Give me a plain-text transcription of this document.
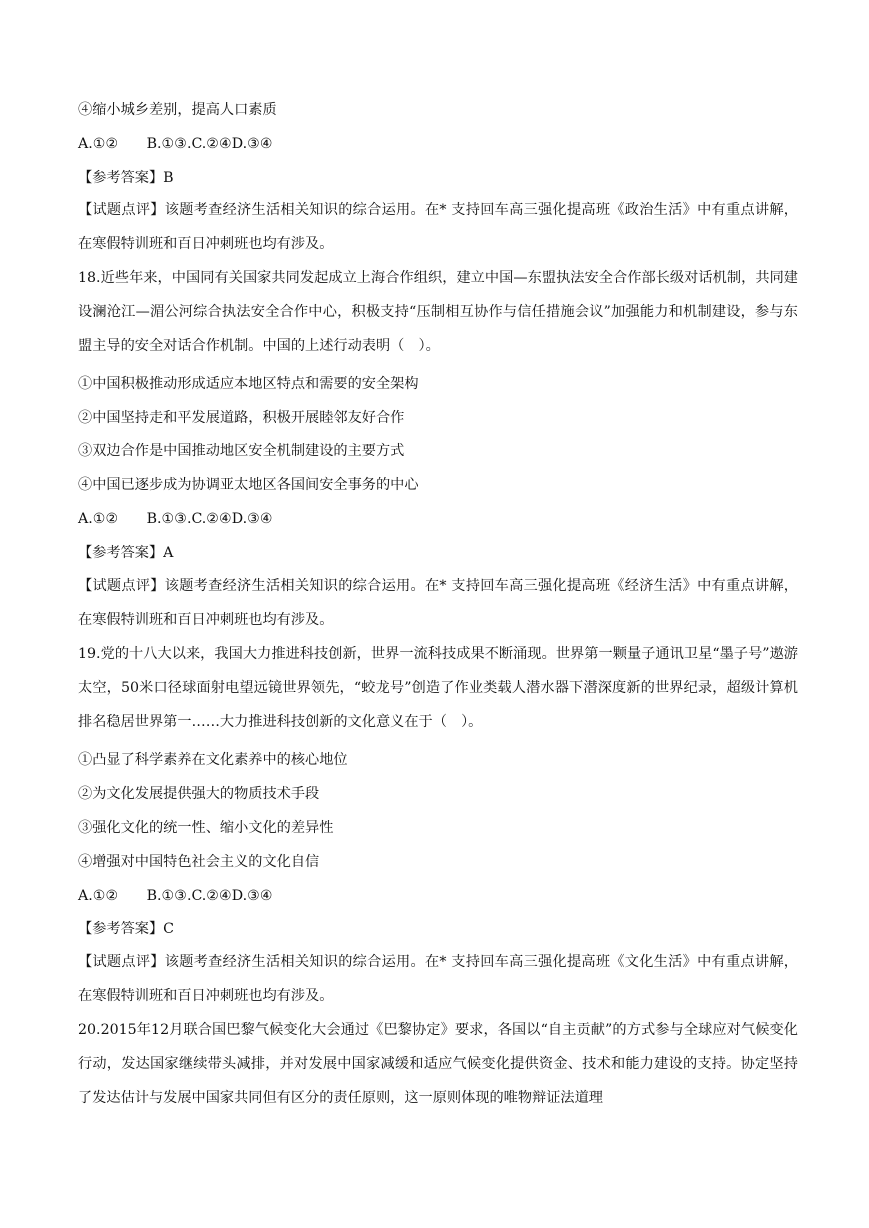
④缩小城乡差别，提高人口素质
A.①②　　B.①③.C.②④D.③④
【参考答案】B
【试题点评】该题考查经济生活相关知识的综合运用。在* 支持回车高三强化提高班《政治生活》中有重点讲解，在寒假特训班和百日冲刺班也均有涉及。
18.近些年来，中国同有关国家共同发起成立上海合作组织，建立中国—东盟执法安全合作部长级对话机制，共同建设澜沧江—湄公河综合执法安全合作中心，积极支持“压制相互协作与信任措施会议”加强能力和机制建设，参与东盟主导的安全对话合作机制。中国的上述行动表明（　）。
①中国积极推动形成适应本地区特点和需要的安全架构
②中国坚持走和平发展道路，积极开展睦邻友好合作
③双边合作是中国推动地区安全机制建设的主要方式
④中国已逐步成为协调亚太地区各国间安全事务的中心
A.①②　　B.①③.C.②④D.③④
【参考答案】A
【试题点评】该题考查经济生活相关知识的综合运用。在* 支持回车高三强化提高班《经济生活》中有重点讲解，在寒假特训班和百日冲刺班也均有涉及。
19.党的十八大以来，我国大力推进科技创新，世界一流科技成果不断涌现。世界第一颗量子通讯卫星“墨子号”遨游太空，50米口径球面射电望远镜世界领先，“蛟龙号”创造了作业类载人潜水器下潜深度新的世界纪录，超级计算机排名稳居世界第一……大力推进科技创新的文化意义在于（　）。
①凸显了科学素养在文化素养中的核心地位
②为文化发展提供强大的物质技术手段
③强化文化的统一性、缩小文化的差异性
④增强对中国特色社会主义的文化自信
A.①②　　B.①③.C.②④D.③④
【参考答案】C
【试题点评】该题考查经济生活相关知识的综合运用。在* 支持回车高三强化提高班《文化生活》中有重点讲解，在寒假特训班和百日冲刺班也均有涉及。
20.2015年12月联合国巴黎气候变化大会通过《巴黎协定》要求，各国以“自主贡献”的方式参与全球应对气候变化行动，发达国家继续带头减排，并对发展中国家减缓和适应气候变化提供资金、技术和能力建设的支持。协定坚持了发达估计与发展中国家共同但有区分的责任原则，这一原则体现的唯物辩证法道理
